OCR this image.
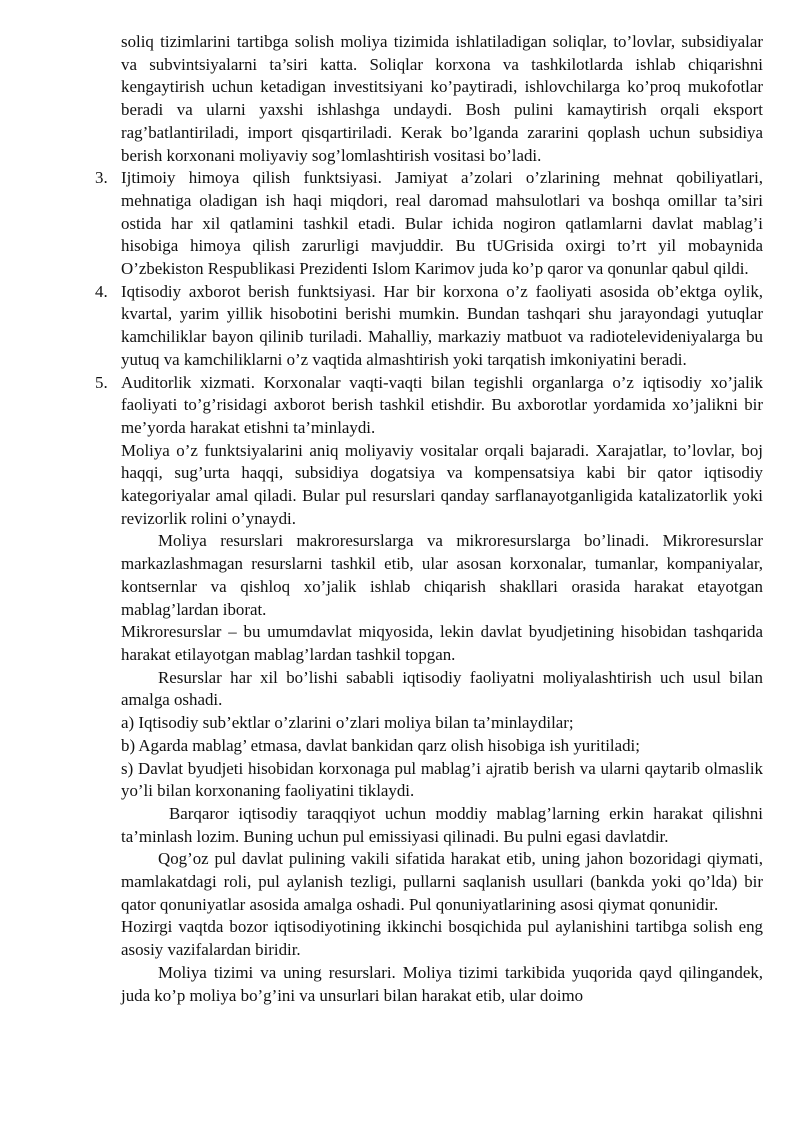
soliq tizimlarini tartibga solish moliya tizimida ishlatiladigan soliqlar, to’lovlar, subsidiyalar va subvintsiyalarni ta’siri katta. Soliqlar korxona va tashkilotlarda ishlab chiqarishni kengaytirish uchun ketadigan investitsiyani ko’paytiradi, ishlovchilarga ko’proq mukofotlar beradi va ularni yaxshi ishlashga undaydi. Bosh pulini kamaytirish orqali eksport rag’batlantiriladi, import qisqartiriladi. Kerak bo’lganda zararini qoplash uchun subsidiya berish korxonani moliyaviy sog’lomlashtirish vositasi bo’ladi.

3. Ijtimoiy himoya qilish funktsiyasi. Jamiyat a’zolari o’zlarining mehnat qobiliyatlari, mehnatiga oladigan ish haqi miqdori, real daromad mahsulotlari va boshqa omillar ta’siri ostida har xil qatlamini tashkil etadi. Bular ichida nogiron qatlamlarni davlat mablag’i hisobiga himoya qilish zarurligi mavjuddir. Bu tUGrisida oxirgi to’rt yil mobaynida O’zbekiston Respublikasi Prezidenti Islom Karimov juda ko’p qaror va qonunlar qabul qildi.

4. Iqtisodiy axborot berish funktsiyasi. Har bir korxona o’z faoliyati asosida ob’ektga oylik, kvartal, yarim yillik hisobotini berishi mumkin. Bundan tashqari shu jarayondagi yutuqlar kamchiliklar bayon qilinib turiladi. Mahalliy, markaziy matbuot va radiotelevideniyalarga bu yutuq va kamchiliklarni o’z vaqtida almashtirish yoki tarqatish imkoniyatini beradi.

5. Auditorlik xizmati. Korxonalar vaqti-vaqti bilan tegishli organlarga o’z iqtisodiy xo’jalik faoliyati to’g’risidagi axborot berish tashkil etishdir. Bu axborotlar yordamida xo’jalikni bir me’yorda harakat etishni ta’minlaydi.

Moliya o’z funktsiyalarini aniq moliyaviy vositalar orqali bajaradi. Xarajatlar, to’lovlar, boj haqqi, sug’urta haqqi, subsidiya dogatsiya va kompensatsiya kabi bir qator iqtisodiy kategoriyalar amal qiladi. Bular pul resurslari qanday sarflanayotganligida katalizatorlik yoki revizorlik rolini o’ynaydi.

Moliya resurslari makroresurslarga va mikroresurslarga bo’linadi. Mikroresurslar markazlashmagan resurslarni tashkil etib, ular asosan korxonalar, tumanlar, kompaniyalar, kontsernlar va qishloq xo’jalik ishlab chiqarish shakllari orasida harakat etayotgan mablag’lardan iborat.

Mikroresurslar – bu umumdavlat miqyosida, lekin davlat byudjetining hisobidan tashqarida harakat etilayotgan mablag’lardan tashkil topgan.

Resurslar har xil bo’lishi sababli iqtisodiy faoliyatni moliyalashtirish uch usul bilan amalga oshadi.

a) Iqtisodiy sub’ektlar o’zlarini o’zlari moliya bilan ta’minlaydilar;

b) Agarda mablag’ etmasa, davlat bankidan qarz olish hisobiga ish yuritiladi;

s) Davlat byudjeti hisobidan korxonaga pul mablag’i ajratib berish va ularni qaytarib olmaslik yo’li bilan korxonaning faoliyatini tiklaydi.

Barqaror iqtisodiy taraqqiyot uchun moddiy mablag’larning erkin harakat qilishni ta’minlash lozim. Buning uchun pul emissiyasi qilinadi. Bu pulni egasi davlatdir.

Qog’oz pul davlat pulining vakili sifatida harakat etib, uning jahon bozoridagi qiymati, mamlakatdagi roli, pul aylanish tezligi, pullarni saqlanish usullari (bankda yoki qo’lda) bir qator qonuniyatlar asosida amalga oshadi. Pul qonuniyatlarining asosi qiymat qonunidir.

Hozirgi vaqtda bozor iqtisodiyotining ikkinchi bosqichida pul aylanishini tartibga solish eng asosiy vazifalardan biridir.

Moliya tizimi va uning resurslari. Moliya tizimi tarkibida yuqorida qayd qilingandek, juda ko’p moliya bo’g’ini va unsurlari bilan harakat etib, ular doimo
